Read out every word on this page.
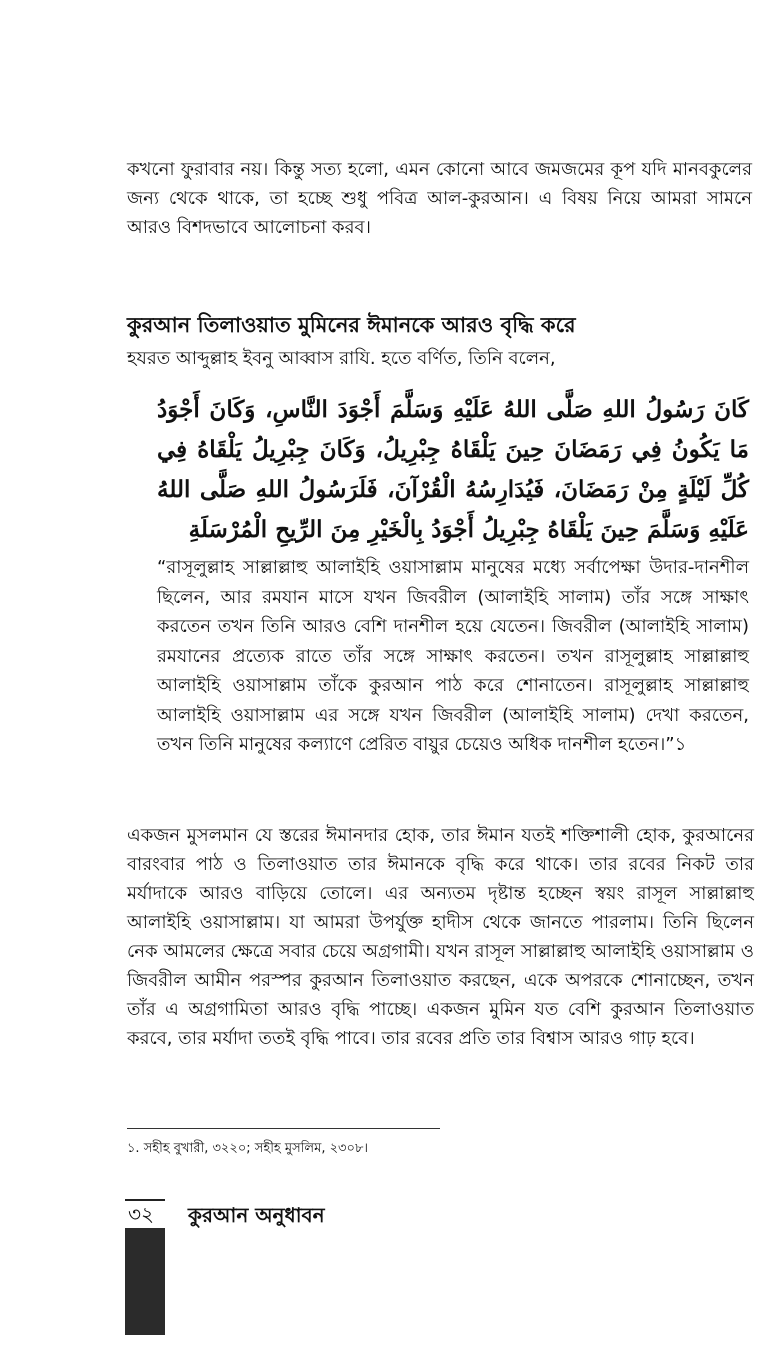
কখনো ফুরাবার নয়। কিন্তু সত্য হলো, এমন কোনো আবে জমজমের কূপ যদি মানবকুলের জন্য থেকে থাকে, তা হচ্ছে শুধু পবিত্র আল-কুরআন। এ বিষয় নিয়ে আমরা সামনে আরও বিশদভাবে আলোচনা করব।

কুরআন তিলাওয়াত মুমিনের ঈমানকে আরও বৃদ্ধি করে

হযরত আব্দুল্লাহ ইবনু আব্বাস রাযি. হতে বর্ণিত, তিনি বলেন,

كَانَ رَسُولُ اللهِ صَلَّى اللهُ عَلَيْهِ وَسَلَّمَ أَجْوَدَ النَّاسِ، وَكَانَ أَجْوَدُ مَا يَكُونُ فِي رَمَضَانَ حِينَ يَلْقَاهُ جِبْرِيلُ، وَكَانَ جِبْرِيلُ يَلْقَاهُ فِي كُلِّ لَيْلَةٍ مِنْ رَمَضَانَ، فَيُدَارِسُهُ الْقُرْآنَ، فَلَرَسُولُ اللهِ صَلَّى اللهُ عَلَيْهِ وَسَلَّمَ حِينَ يَلْقَاهُ جِبْرِيلُ أَجْوَدُ بِالْخَيْرِ مِنَ الرِّيحِ الْمُرْسَلَةِ

“রাসূলুল্লাহ সাল্লাল্লাহু আলাইহি ওয়াসাল্লাম মানুষের মধ্যে সর্বাপেক্ষা উদার-দানশীল ছিলেন, আর রমযান মাসে যখন জিবরীল (আলাইহি সালাম) তাঁর সঙ্গে সাক্ষাৎ করতেন তখন তিনি আরও বেশি দানশীল হয়ে যেতেন। জিবরীল (আলাইহি সালাম) রমযানের প্রত্যেক রাতে তাঁর সঙ্গে সাক্ষাৎ করতেন। তখন রাসূলুল্লাহ সাল্লাল্লাহু আলাইহি ওয়াসাল্লাম তাঁকে কুরআন পাঠ করে শোনাতেন। রাসূলুল্লাহ সাল্লাল্লাহু আলাইহি ওয়াসাল্লাম এর সঙ্গে যখন জিবরীল (আলাইহি সালাম) দেখা করতেন, তখন তিনি মানুষের কল্যাণে প্রেরিত বায়ুর চেয়েও অধিক দানশীল হতেন।”১

একজন মুসলমান যে স্তরের ঈমানদার হোক, তার ঈমান যতই শক্তিশালী হোক, কুরআনের বারংবার পাঠ ও তিলাওয়াত তার ঈমানকে বৃদ্ধি করে থাকে। তার রবের নিকট তার মর্যাদাকে আরও বাড়িয়ে তোলে। এর অন্যতম দৃষ্টান্ত হচ্ছেন স্বয়ং রাসূল সাল্লাল্লাহু আলাইহি ওয়াসাল্লাম। যা আমরা উপর্যুক্ত হাদীস থেকে জানতে পারলাম। তিনি ছিলেন নেক আমলের ক্ষেত্রে সবার চেয়ে অগ্রগামী। যখন রাসূল সাল্লাল্লাহু আলাইহি ওয়াসাল্লাম ও জিবরীল আমীন পরস্পর কুরআন তিলাওয়াত করছেন, একে অপরকে শোনাচ্ছেন, তখন তাঁর এ অগ্রগামিতা আরও বৃদ্ধি পাচ্ছে। একজন মুমিন যত বেশি কুরআন তিলাওয়াত করবে, তার মর্যাদা ততই বৃদ্ধি পাবে। তার রবের প্রতি তার বিশ্বাস আরও গাঢ় হবে।

১. সহীহ বুখারী, ৩২২০; সহীহ মুসলিম, ২৩০৮।

৩২ কুরআন অনুধাবন
